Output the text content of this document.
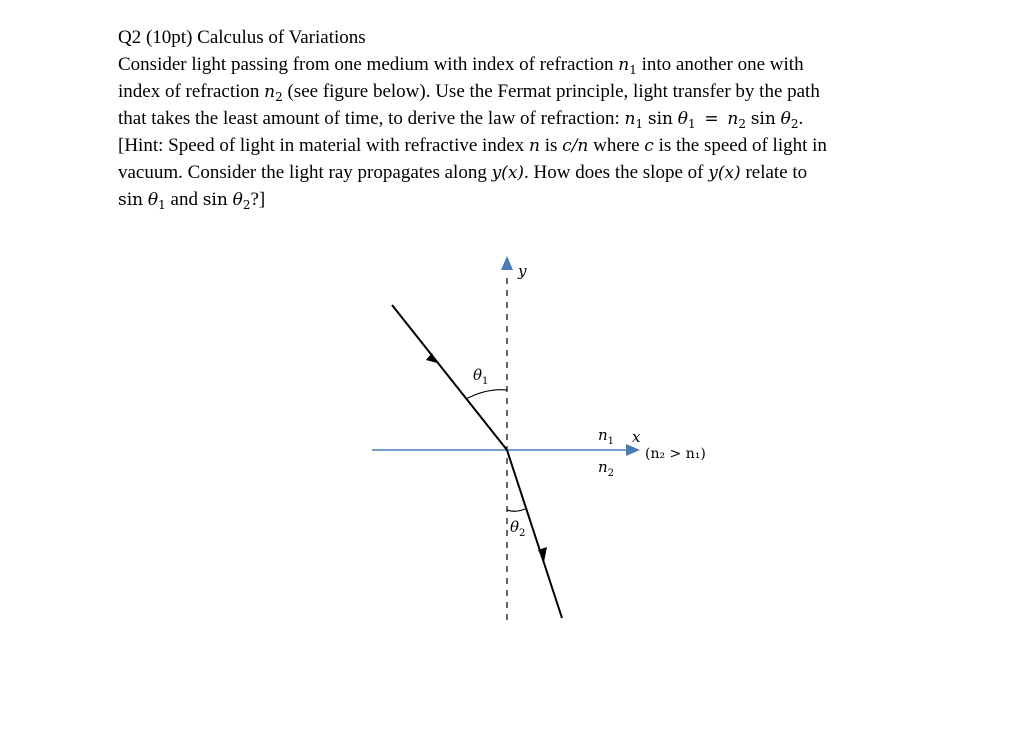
Q2 (10pt) Calculus of Variations
Consider light passing from one medium with index of refraction $n_1$ into another one with
index of refraction $n_2$ (see figure below). Use the Fermat principle, light transfer by the path
that takes the least amount of time, to derive the law of refraction: $n_1$ $\sin \theta_1 = n_2$ $\sin \theta_2$.
[Hint: Speed of light in material with refractive index n is c/n where c is the speed of light in
vacuum. Consider the light ray propagates along y(x). How does the slope of y(x) relate to
$\sin \theta_1$ and $\sin \theta_2$?]
y
x
$\theta_1$
$\theta_2$
$n_1$
$n_2$
(n₂ > n₁)
